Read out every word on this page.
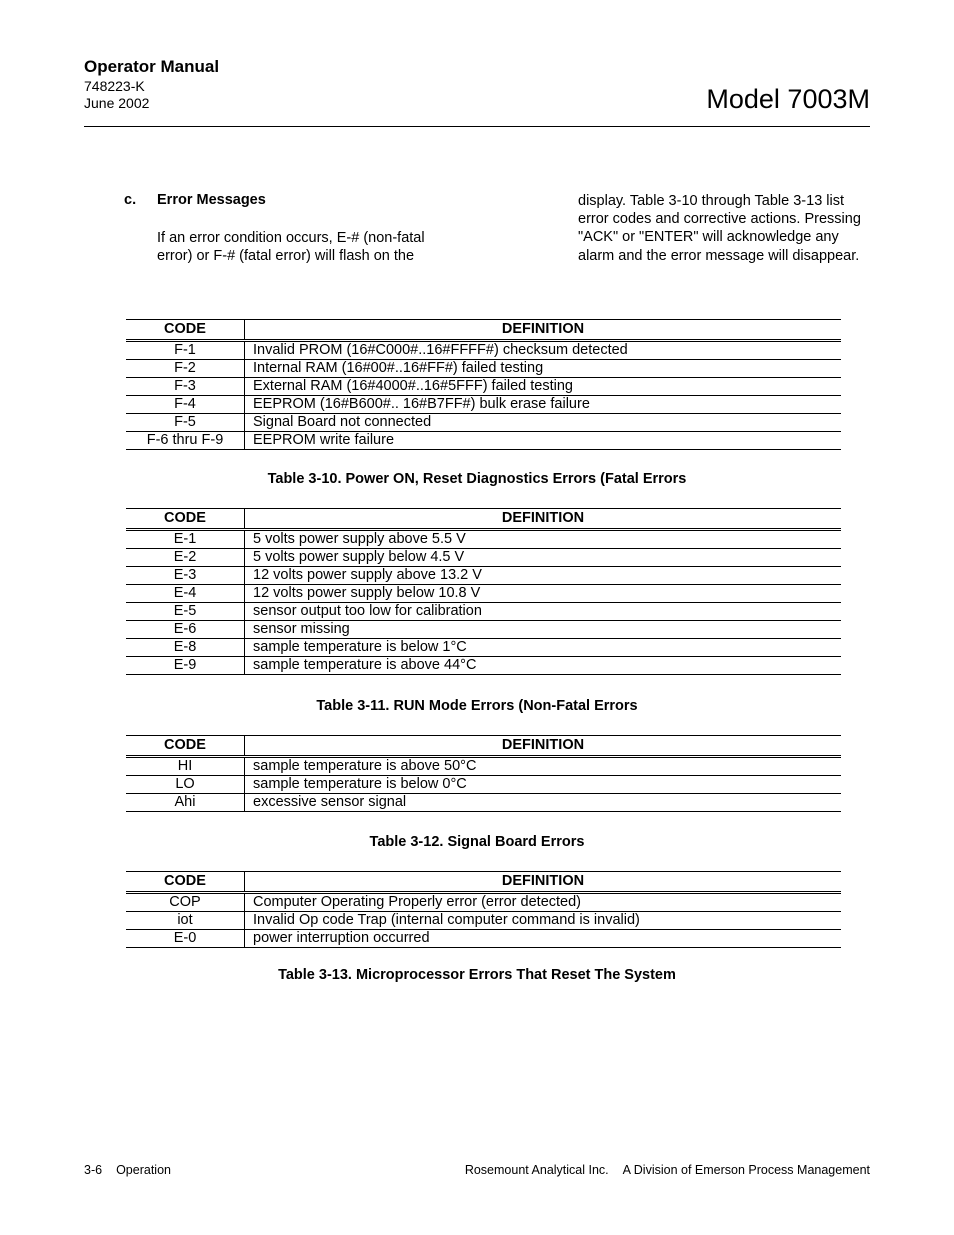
Operator Manual
748223-K
June 2002	Model 7003M
c. Error Messages
If an error condition occurs, E-# (non-fatal error) or F-# (fatal error) will flash on the
display. Table 3-10 through Table 3-13 list error codes and corrective actions. Pressing "ACK" or "ENTER" will acknowledge any alarm and the error message will disappear.
CODE	DEFINITION
F-1	Invalid PROM (16#C000#..16#FFFF#) checksum detected
F-2	Internal RAM (16#00#..16#FF#) failed testing
F-3	External RAM (16#4000#..16#5FFF) failed testing
F-4	EEPROM (16#B600#.. 16#B7FF#) bulk erase failure
F-5	Signal Board not connected
F-6 thru F-9	EEPROM write failure
Table 3-10. Power ON, Reset Diagnostics Errors (Fatal Errors
CODE	DEFINITION
E-1	5 volts power supply above 5.5 V
E-2	5 volts power supply below 4.5 V
E-3	12 volts power supply above 13.2 V
E-4	12 volts power supply below 10.8 V
E-5	sensor output too low for calibration
E-6	sensor missing
E-8	sample temperature is below 1°C
E-9	sample temperature is above 44°C
Table 3-11. RUN Mode Errors (Non-Fatal Errors
CODE	DEFINITION
HI	sample temperature is above 50°C
LO	sample temperature is below 0°C
Ahi	excessive sensor signal
Table 3-12. Signal Board Errors
CODE	DEFINITION
COP	Computer Operating Properly error (error detected)
iot	Invalid Op code Trap (internal computer command is invalid)
E-0	power interruption occurred
Table 3-13. Microprocessor Errors That Reset The System
3-6 Operation	Rosemount Analytical Inc. A Division of Emerson Process Management
